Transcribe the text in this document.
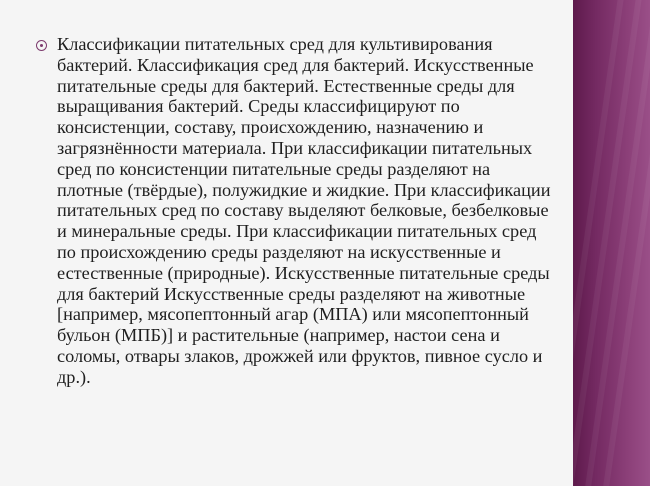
Классификации питательных сред для культивирования бактерий. Классификация сред для бактерий. Искусственные питательные среды для бактерий. Естественные среды для выращивания бактерий. Среды классифицируют по консистенции, составу, происхождению, назначению и загрязнённости материала. При классификации питательных сред по консистенции питательные среды разделяют на плотные (твёрдые), полужидкие и жидкие. При классификации питательных сред по составу выделяют белковые, безбелковые и минеральные среды. При классификации питательных сред по происхождению среды разделяют на искусственные и естественные (природные). Искусственные питательные среды для бактерий Искусственные среды разделяют на животные [например, мясопептонный агар (МПА) или мясопептонный бульон (МПБ)] и растительные (например, настои сена и соломы, отвары злаков, дрожжей или фруктов, пивное сусло и др.).
